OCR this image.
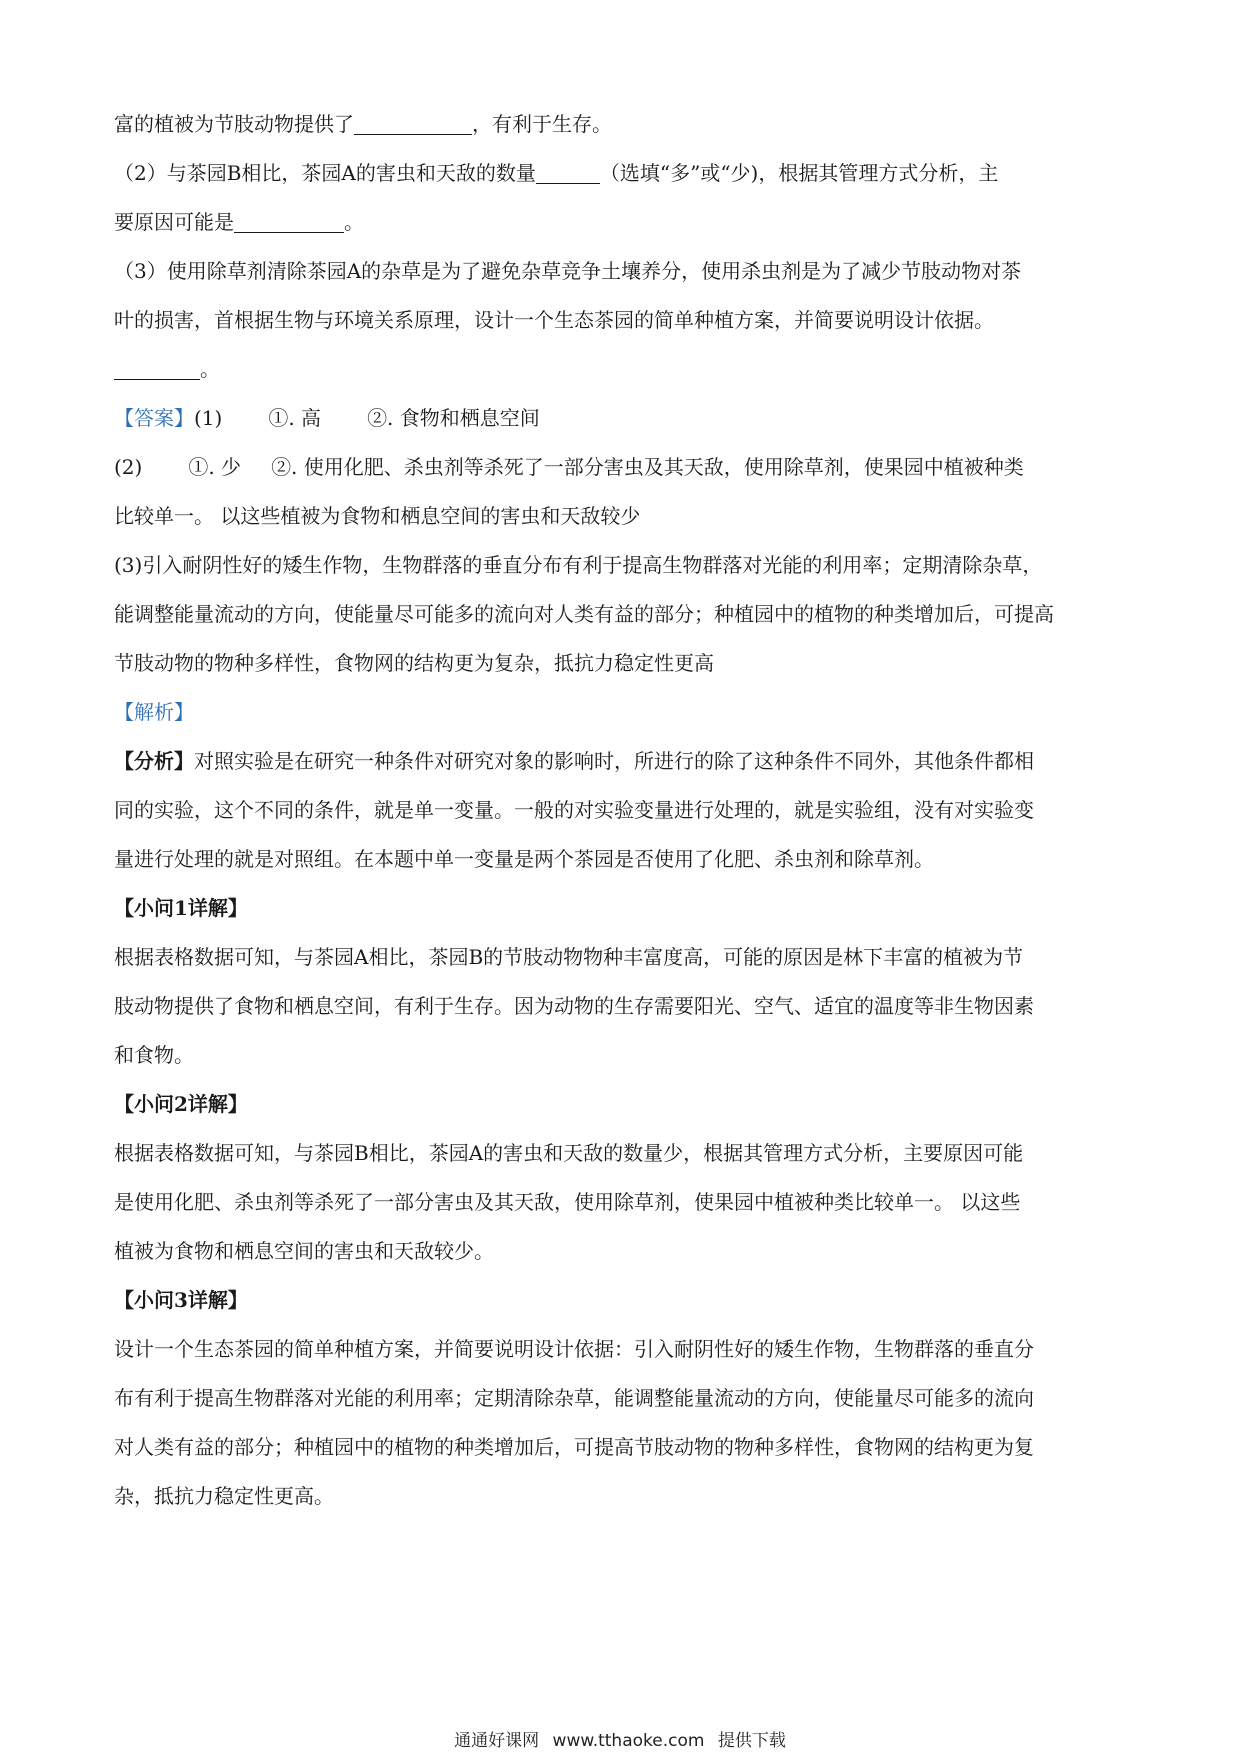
富的植被为节肢动物提供了	，有利于生存。
（2）与茶园B相比，茶园A的害虫和天敌的数量	（选填“多”或“少)，根据其管理方式分析，主
要原因可能是	。
（3）使用除草剂清除茶园A的杂草是为了避免杂草竞争土壤养分，使用杀虫剂是为了减少节肢动物对茶
叶的损害，首根据生物与环境关系原理，设计一个生态茶园的简单种植方案，并简要说明设计依据。
。
【答案】(1) ①. 高 ②. 食物和栖息空间
(2) ①. 少 ②. 使用化肥、杀虫剂等杀死了一部分害虫及其天敌，使用除草剂，使果园中植被种类
比较单一。 以这些植被为食物和栖息空间的害虫和天敌较少
(3)引入耐阴性好的矮生作物，生物群落的垂直分布有利于提高生物群落对光能的利用率；定期清除杂草，
能调整能量流动的方向，使能量尽可能多的流向对人类有益的部分；种植园中的植物的种类增加后，可提高
节肢动物的物种多样性，食物网的结构更为复杂，抵抗力稳定性更高
【解析】
【分析】对照实验是在研究一种条件对研究对象的影响时，所进行的除了这种条件不同外，其他条件都相
同的实验，这个不同的条件，就是单一变量。一般的对实验变量进行处理的，就是实验组，没有对实验变
量进行处理的就是对照组。在本题中单一变量是两个茶园是否使用了化肥、杀虫剂和除草剂。
【小问1详解】
根据表格数据可知，与茶园A相比，茶园B的节肢动物物种丰富度高，可能的原因是林下丰富的植被为节
肢动物提供了食物和栖息空间，有利于生存。因为动物的生存需要阳光、空气、适宜的温度等非生物因素
和食物。
【小问2详解】
根据表格数据可知，与茶园B相比，茶园A的害虫和天敌的数量少，根据其管理方式分析，主要原因可能
是使用化肥、杀虫剂等杀死了一部分害虫及其天敌，使用除草剂，使果园中植被种类比较单一。 以这些
植被为食物和栖息空间的害虫和天敌较少。
【小问3详解】
设计一个生态茶园的简单种植方案，并简要说明设计依据：引入耐阴性好的矮生作物，生物群落的垂直分
布有利于提高生物群落对光能的利用率；定期清除杂草，能调整能量流动的方向，使能量尽可能多的流向
对人类有益的部分；种植园中的植物的种类增加后，可提高节肢动物的物种多样性，食物网的结构更为复
杂，抵抗力稳定性更高。
通通好课网 www.tthaoke.com 提供下载
